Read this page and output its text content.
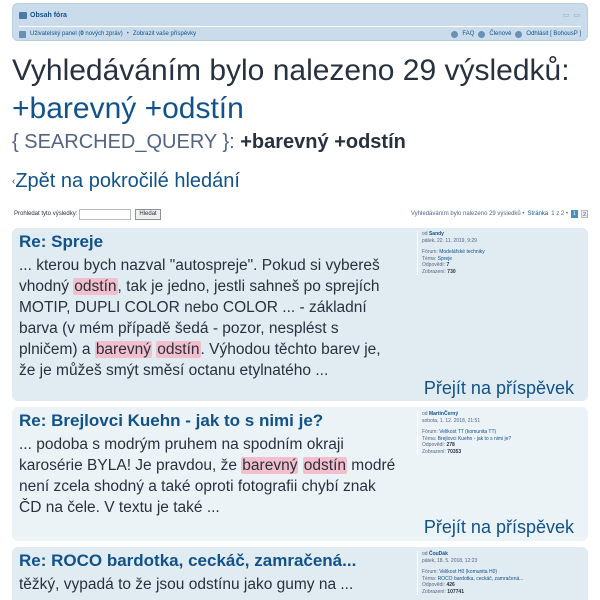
Obsah fóra	▭ ▭
Uživatelský panel (0 nových zpráv) • Zobrazit vaše příspěvky	FAQ	Členové	Odhlásit [ BohousP ]
Vyhledáváním bylo nalezeno 29 výsledků: +barevný +odstín
{ SEARCHED_QUERY }: +barevný +odstín
‹Zpět na pokročilé hledání
Prohledat tyto výsledky:	Hledat	Vyhledáváním bylo nalezeno 29 výsledků • Stránka 1 z 2 •	1	2
Re: Spreje
... kterou bych nazval "autospreje". Pokud si vybereš vhodný odstín, tak je jedno, jestli sahneš po sprejích MOTIP, DUPLI COLOR nebo COLOR ... - základní barva (v mém případě šedá - pozor, nesplést s plničem) a barevný odstín. Výhodou těchto barev je, že je můžeš smýt směsí octanu etylnatého ...
od Sandy
pátek, 22. 11. 2019, 9:29
Fórum: Modelářské techniky
Téma: Spreje
Odpovědí: 7
Zobrazení: 730
Přejít na příspěvek
Re: Brejlovci Kuehn - jak to s nimi je?
... podoba s modrým pruhem na spodním okraji karosérie BYLA! Je pravdou, že barevný odstín modré není zcela shodný a také oproti fotografii chybí znak ČD na čele. V textu je také ...
od MartinČerný
sobota, 1. 12. 2018, 21:51
Fórum: Velikost TT (komunita TT)
Téma: Brejlovci Kuehn - jak to s nimi je?
Odpovědí: 278
Zobrazení: 70353
Přejít na příspěvek
Re: ROCO bardotka, ceckáč, zamračená...
těžký, vypadá to že jsou odstínu jako gumy na ...
od ČouDák
pátek, 18. 5. 2018, 12:23
Fórum: Velikost H0 (komunita H0)
Téma: ROCO bardotka, ceckáč, zamračená...
Odpovědí: 426
Zobrazení: 107741
